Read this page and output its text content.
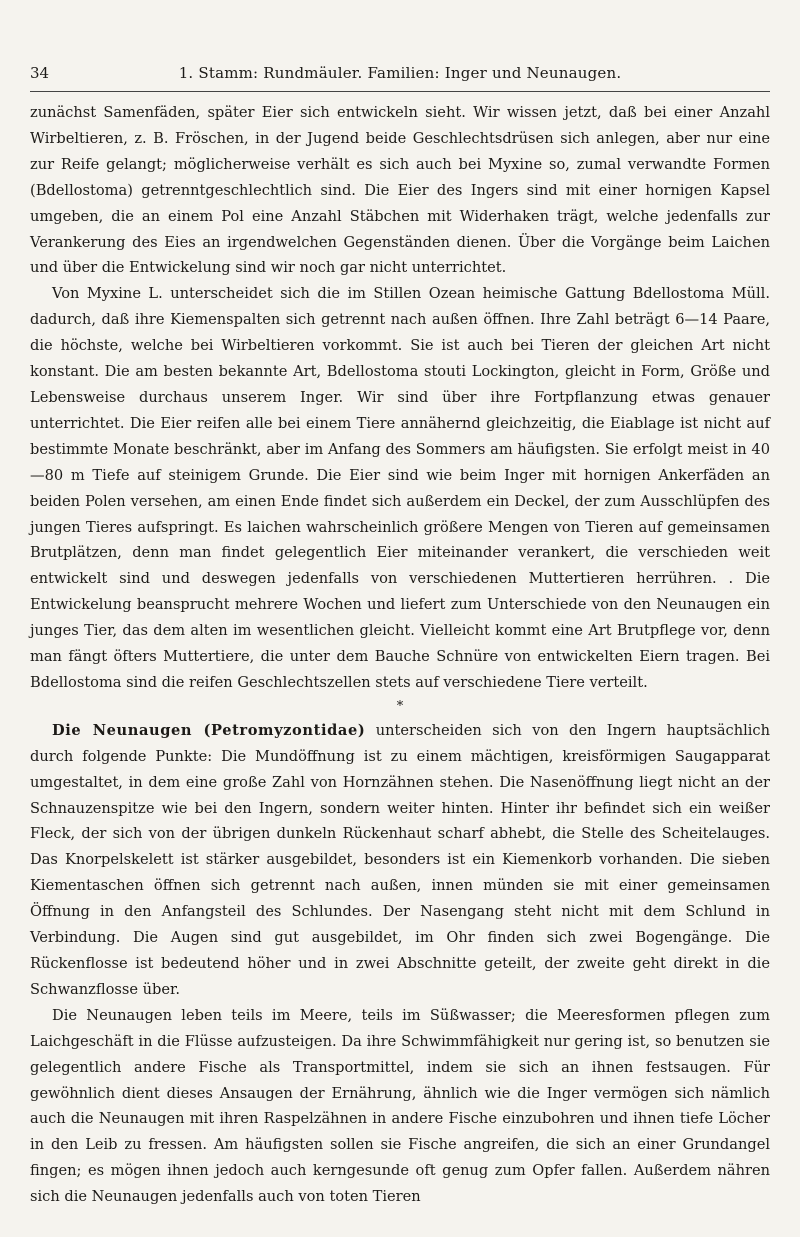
34	1. Stamm: Rundmäuler. Familien: Inger und Neunaugen.

zunächst Samenfäden, später Eier sich entwickeln sieht. Wir wissen jetzt, daß bei einer Anzahl Wirbeltieren, z. B. Fröschen, in der Jugend beide Geschlechtsdrüsen sich anlegen, aber nur eine zur Reife gelangt; möglicherweise verhält es sich auch bei Myxine so, zumal verwandte Formen (Bdellostoma) getrenntgeschlechtlich sind. Die Eier des Ingers sind mit einer hornigen Kapsel umgeben, die an einem Pol eine Anzahl Stäbchen mit Widerhaken trägt, welche jedenfalls zur Verankerung des Eies an irgendwelchen Gegenständen dienen. Über die Vorgänge beim Laichen und über die Entwickelung sind wir noch gar nicht unterrichtet.

Von Myxine L. unterscheidet sich die im Stillen Ozean heimische Gattung Bdellostoma Müll. dadurch, daß ihre Kiemenspalten sich getrennt nach außen öffnen. Ihre Zahl beträgt 6—14 Paare, die höchste, welche bei Wirbeltieren vorkommt. Sie ist auch bei Tieren der gleichen Art nicht konstant. Die am besten bekannte Art, Bdellostoma stouti Lockington, gleicht in Form, Größe und Lebensweise durchaus unserem Inger. Wir sind über ihre Fortpflanzung etwas genauer unterrichtet. Die Eier reifen alle bei einem Tiere annähernd gleichzeitig, die Eiablage ist nicht auf bestimmte Monate beschränkt, aber im Anfang des Sommers am häufigsten. Sie erfolgt meist in 40—80 m Tiefe auf steinigem Grunde. Die Eier sind wie beim Inger mit hornigen Ankerfäden an beiden Polen versehen, am einen Ende findet sich außerdem ein Deckel, der zum Ausschlüpfen des jungen Tieres aufspringt. Es laichen wahrscheinlich größere Mengen von Tieren auf gemeinsamen Brutplätzen, denn man findet gelegentlich Eier miteinander verankert, die verschieden weit entwickelt sind und deswegen jedenfalls von verschiedenen Muttertieren herrühren. . Die Entwickelung beansprucht mehrere Wochen und liefert zum Unterschiede von den Neunaugen ein junges Tier, das dem alten im wesentlichen gleicht. Vielleicht kommt eine Art Brutpflege vor, denn man fängt öfters Muttertiere, die unter dem Bauche Schnüre von entwickelten Eiern tragen. Bei Bdellostoma sind die reifen Geschlechtszellen stets auf verschiedene Tiere verteilt.

*

Die Neunaugen (Petromyzontidae) unterscheiden sich von den Ingern hauptsächlich durch folgende Punkte: Die Mundöffnung ist zu einem mächtigen, kreisförmigen Saugapparat umgestaltet, in dem eine große Zahl von Hornzähnen stehen. Die Nasenöffnung liegt nicht an der Schnauzenspitze wie bei den Ingern, sondern weiter hinten. Hinter ihr befindet sich ein weißer Fleck, der sich von der übrigen dunkeln Rückenhaut scharf abhebt, die Stelle des Scheitelauges. Das Knorpelskelett ist stärker ausgebildet, besonders ist ein Kiemenkorb vorhanden. Die sieben Kiementaschen öffnen sich getrennt nach außen, innen münden sie mit einer gemeinsamen Öffnung in den Anfangsteil des Schlundes. Der Nasengang steht nicht mit dem Schlund in Verbindung. Die Augen sind gut ausgebildet, im Ohr finden sich zwei Bogengänge. Die Rückenflosse ist bedeutend höher und in zwei Abschnitte geteilt, der zweite geht direkt in die Schwanzflosse über.

Die Neunaugen leben teils im Meere, teils im Süßwasser; die Meeresformen pflegen zum Laichgeschäft in die Flüsse aufzusteigen. Da ihre Schwimmfähigkeit nur gering ist, so benutzen sie gelegentlich andere Fische als Transportmittel, indem sie sich an ihnen festsaugen. Für gewöhnlich dient dieses Ansaugen der Ernährung, ähnlich wie die Inger vermögen sich nämlich auch die Neunaugen mit ihren Raspelzähnen in andere Fische einzubohren und ihnen tiefe Löcher in den Leib zu fressen. Am häufigsten sollen sie Fische angreifen, die sich an einer Grundangel fingen; es mögen ihnen jedoch auch kerngesunde oft genug zum Opfer fallen. Außerdem nähren sich die Neunaugen jedenfalls auch von toten Tieren
